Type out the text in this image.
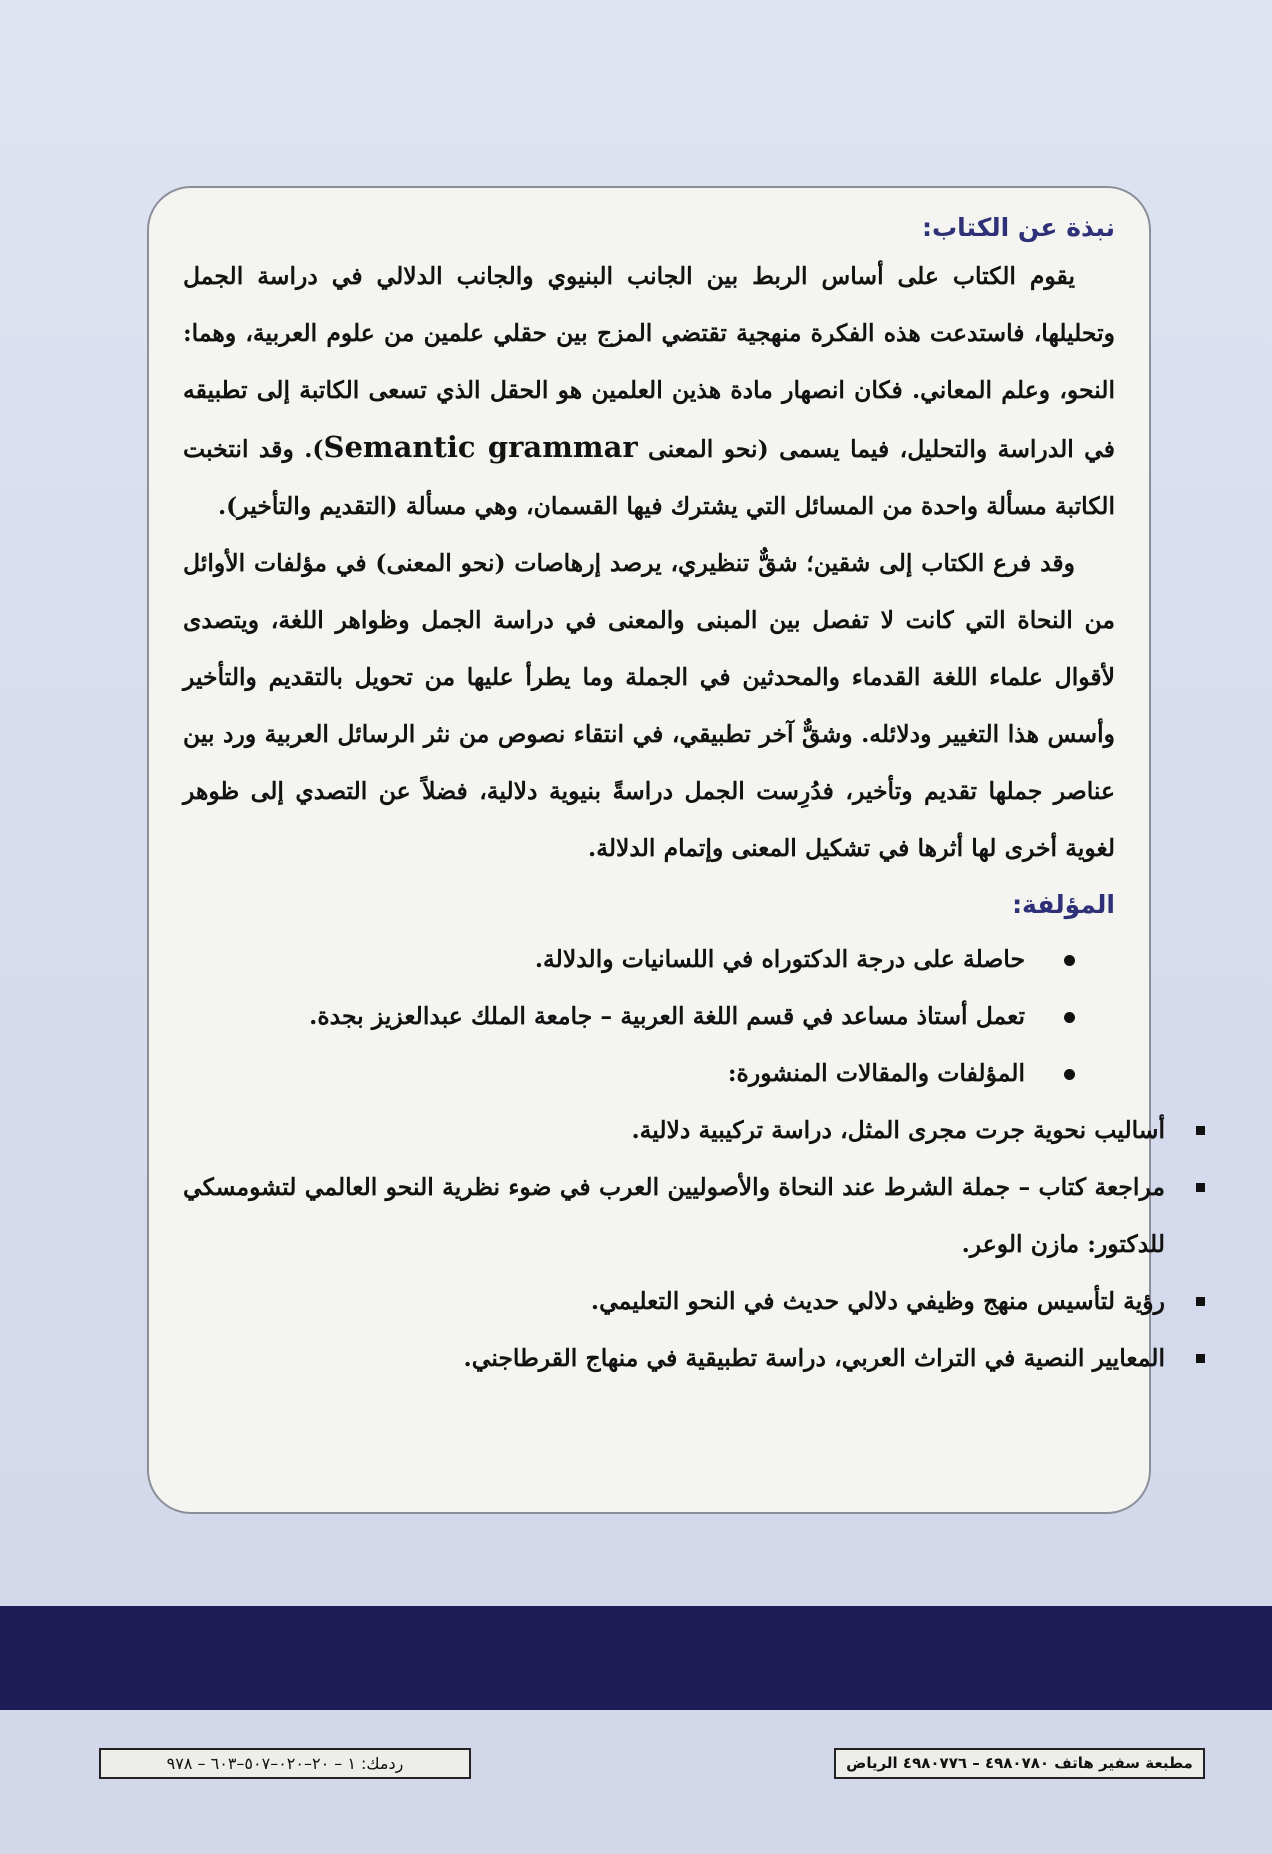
نبذة عن الكتاب:

يقوم الكتاب على أساس الربط بين الجانب البنيوي والجانب الدلالي في دراسة الجمل وتحليلها، فاستدعت هذه الفكرة منهجية تقتضي المزج بين حقلي علمين من علوم العربية، وهما: النحو، وعلم المعاني. فكان انصهار مادة هذين العلمين هو الحقل الذي تسعى الكاتبة إلى تطبيقه في الدراسة والتحليل، فيما يسمى (نحو المعنى Semantic grammar). وقد انتخبت الكاتبة مسألة واحدة من المسائل التي يشترك فيها القسمان، وهي مسألة (التقديم والتأخير).

وقد فرع الكتاب إلى شقين؛ شقٌّ تنظيري، يرصد إرهاصات (نحو المعنى) في مؤلفات الأوائل من النحاة التي كانت لا تفصل بين المبنى والمعنى في دراسة الجمل وظواهر اللغة، ويتصدى لأقوال علماء اللغة القدماء والمحدثين في الجملة وما يطرأ عليها من تحويل بالتقديم والتأخير وأسس هذا التغيير ودلائله. وشقٌّ آخر تطبيقي، في انتقاء نصوص من نثر الرسائل العربية ورد بين عناصر جملها تقديم وتأخير، فدُرِست الجمل دراسةً بنيوية دلالية، فضلاً عن التصدي إلى ظوهر لغوية أخرى لها أثرها في تشكيل المعنى وإتمام الدلالة.

المؤلفة:
حاصلة على درجة الدكتوراه في اللسانيات والدلالة.
تعمل أستاذ مساعد في قسم اللغة العربية – جامعة الملك عبدالعزيز بجدة.
المؤلفات والمقالات المنشورة:
أساليب نحوية جرت مجرى المثل، دراسة تركيبية دلالية.
مراجعة كتاب – جملة الشرط عند النحاة والأصوليين العرب في ضوء نظرية النحو العالمي لتشومسكي للدكتور: مازن الوعر.
رؤية لتأسيس منهج وظيفي دلالي حديث في النحو التعليمي.
المعايير النصية في التراث العربي، دراسة تطبيقية في منهاج القرطاجني.
ردمك: ١ – ٢٠–٠٢٠–٥٠٧–٦٠٣ – ٩٧٨	مطبعة سفير هاتف ٤٩٨٠٧٨٠ – ٤٩٨٠٧٧٦ الرياض
